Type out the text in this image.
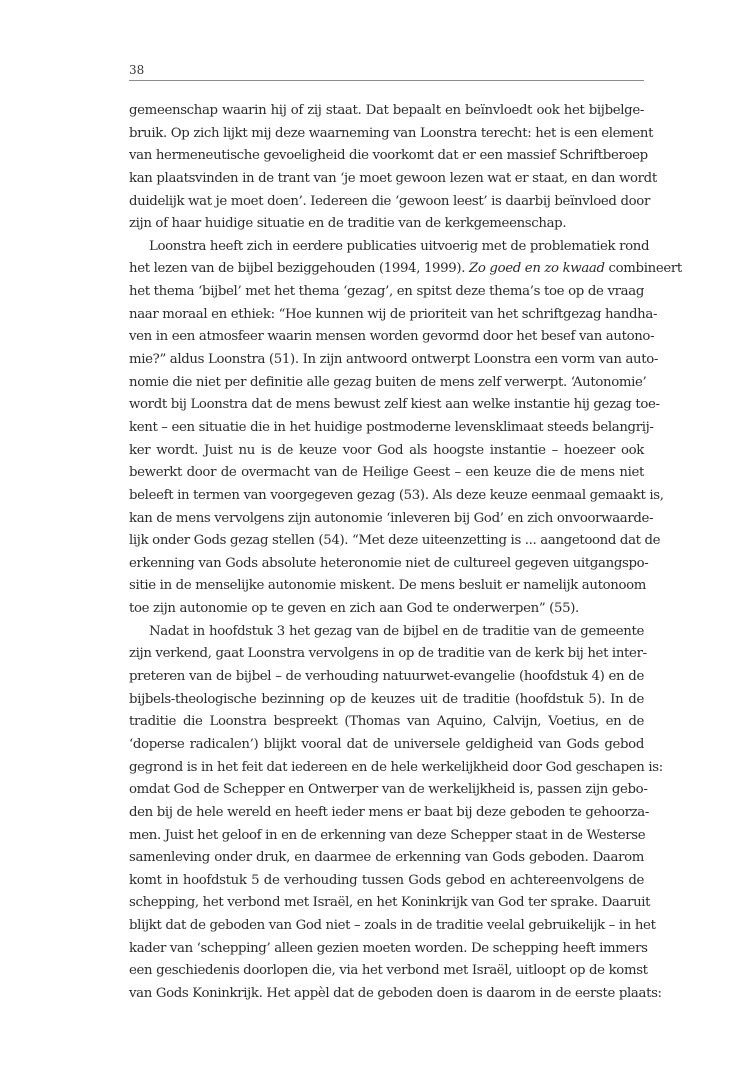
38
gemeenschap waarin hij of zij staat. Dat bepaalt en beïnvloedt ook het bijbelge-
bruik. Op zich lijkt mij deze waarneming van Loonstra terecht: het is een element
van hermeneutische gevoeligheid die voorkomt dat er een massief Schriftberoep
kan plaatsvinden in de trant van ‘je moet gewoon lezen wat er staat, en dan wordt
duidelijk wat je moet doen’. Iedereen die ‘gewoon leest’ is daarbij beïnvloed door
zijn of haar huidige situatie en de traditie van de kerkgemeenschap.
Loonstra heeft zich in eerdere publicaties uitvoerig met de problematiek rond
het lezen van de bijbel beziggehouden (1994, 1999). Zo goed en zo kwaad combineert
het thema ‘bijbel’ met het thema ‘gezag’, en spitst deze thema’s toe op de vraag
naar moraal en ethiek: “Hoe kunnen wij de prioriteit van het schriftgezag handha-
ven in een atmosfeer waarin mensen worden gevormd door het besef van autono-
mie?” aldus Loonstra (51). In zijn antwoord ontwerpt Loonstra een vorm van auto-
nomie die niet per definitie alle gezag buiten de mens zelf verwerpt. ‘Autonomie’
wordt bij Loonstra dat de mens bewust zelf kiest aan welke instantie hij gezag toe-
kent – een situatie die in het huidige postmoderne levensklimaat steeds belangrij-
ker wordt. Juist nu is de keuze voor God als hoogste instantie – hoezeer ook
bewerkt door de overmacht van de Heilige Geest – een keuze die de mens niet
beleeft in termen van voorgegeven gezag (53). Als deze keuze eenmaal gemaakt is,
kan de mens vervolgens zijn autonomie ‘inleveren bij God’ en zich onvoorwaarde-
lijk onder Gods gezag stellen (54). “Met deze uiteenzetting is ... aangetoond dat de
erkenning van Gods absolute heteronomie niet de cultureel gegeven uitgangspo-
sitie in de menselijke autonomie miskent. De mens besluit er namelijk autonoom
toe zijn autonomie op te geven en zich aan God te onderwerpen” (55).
Nadat in hoofdstuk 3 het gezag van de bijbel en de traditie van de gemeente
zijn verkend, gaat Loonstra vervolgens in op de traditie van de kerk bij het inter-
preteren van de bijbel – de verhouding natuurwet-evangelie (hoofdstuk 4) en de
bijbels-theologische bezinning op de keuzes uit de traditie (hoofdstuk 5). In de
traditie die Loonstra bespreekt (Thomas van Aquino, Calvijn, Voetius, en de
‘doperse radicalen’) blijkt vooral dat de universele geldigheid van Gods gebod
gegrond is in het feit dat iedereen en de hele werkelijkheid door God geschapen is:
omdat God de Schepper en Ontwerper van de werkelijkheid is, passen zijn gebo-
den bij de hele wereld en heeft ieder mens er baat bij deze geboden te gehoorza-
men. Juist het geloof in en de erkenning van deze Schepper staat in de Westerse
samenleving onder druk, en daarmee de erkenning van Gods geboden. Daarom
komt in hoofdstuk 5 de verhouding tussen Gods gebod en achtereenvolgens de
schepping, het verbond met Israël, en het Koninkrijk van God ter sprake. Daaruit
blijkt dat de geboden van God niet – zoals in de traditie veelal gebruikelijk – in het
kader van ‘schepping’ alleen gezien moeten worden. De schepping heeft immers
een geschiedenis doorlopen die, via het verbond met Israël, uitloopt op de komst
van Gods Koninkrijk. Het appèl dat de geboden doen is daarom in de eerste plaats:
